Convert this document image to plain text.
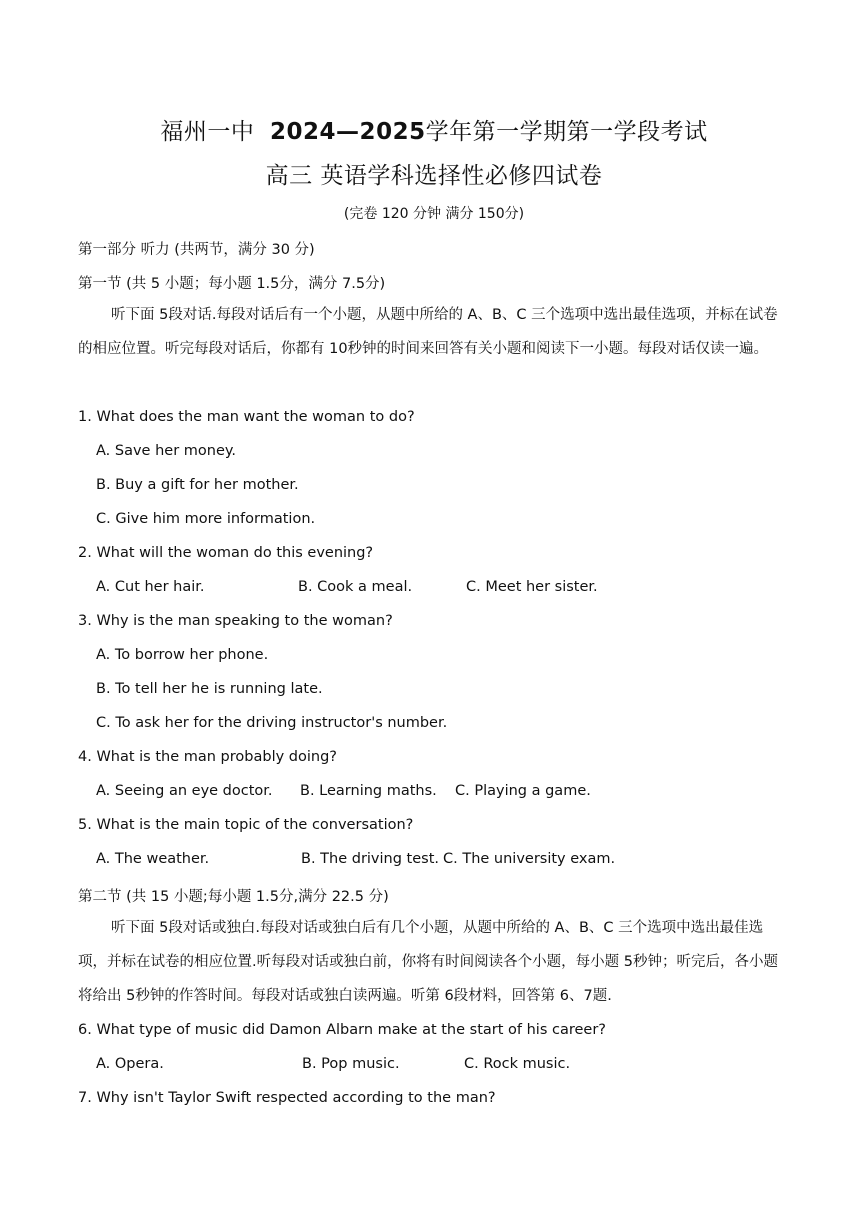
福州一中 2024—2025学年第一学期第一学段考试
高三 英语学科选择性必修四试卷
(完卷 120 分钟 满分 150分)
第一部分 听力 (共两节，满分 30 分)
第一节 (共 5 小题；每小题 1.5分，满分 7.5分)
听下面 5段对话.每段对话后有一个小题，从题中所给的 A、B、C 三个选项中选出最佳选项，并标在试卷的相应位置。听完每段对话后，你都有 10秒钟的时间来回答有关小题和阅读下一小题。每段对话仅读一遍。
1. What does the man want the woman to do?
A. Save her money.
B. Buy a gift for her mother.
C. Give him more information.
2. What will the woman do this evening?
A. Cut her hair.	B. Cook a meal.	C. Meet her sister.
3. Why is the man speaking to the woman?
A. To borrow her phone.
B. To tell her he is running late.
C. To ask her for the driving instructor's number.
4. What is the man probably doing?
A. Seeing an eye doctor. B. Learning maths. C. Playing a game.
5. What is the main topic of the conversation?
A. The weather.	B. The driving test. C. The university exam.
第二节 (共 15 小题;每小题 1.5分,满分 22.5 分)
听下面 5段对话或独白.每段对话或独白后有几个小题，从题中所给的 A、B、C 三个选项中选出最佳选项，并标在试卷的相应位置.听每段对话或独白前，你将有时间阅读各个小题，每小题 5秒钟；听完后，各小题将给出 5秒钟的作答时间。每段对话或独白读两遍。听第 6段材料，回答第 6、7题.
6. What type of music did Damon Albarn make at the start of his career?
A. Opera.	B. Pop music.	C. Rock music.
7. Why isn't Taylor Swift respected according to the man?
